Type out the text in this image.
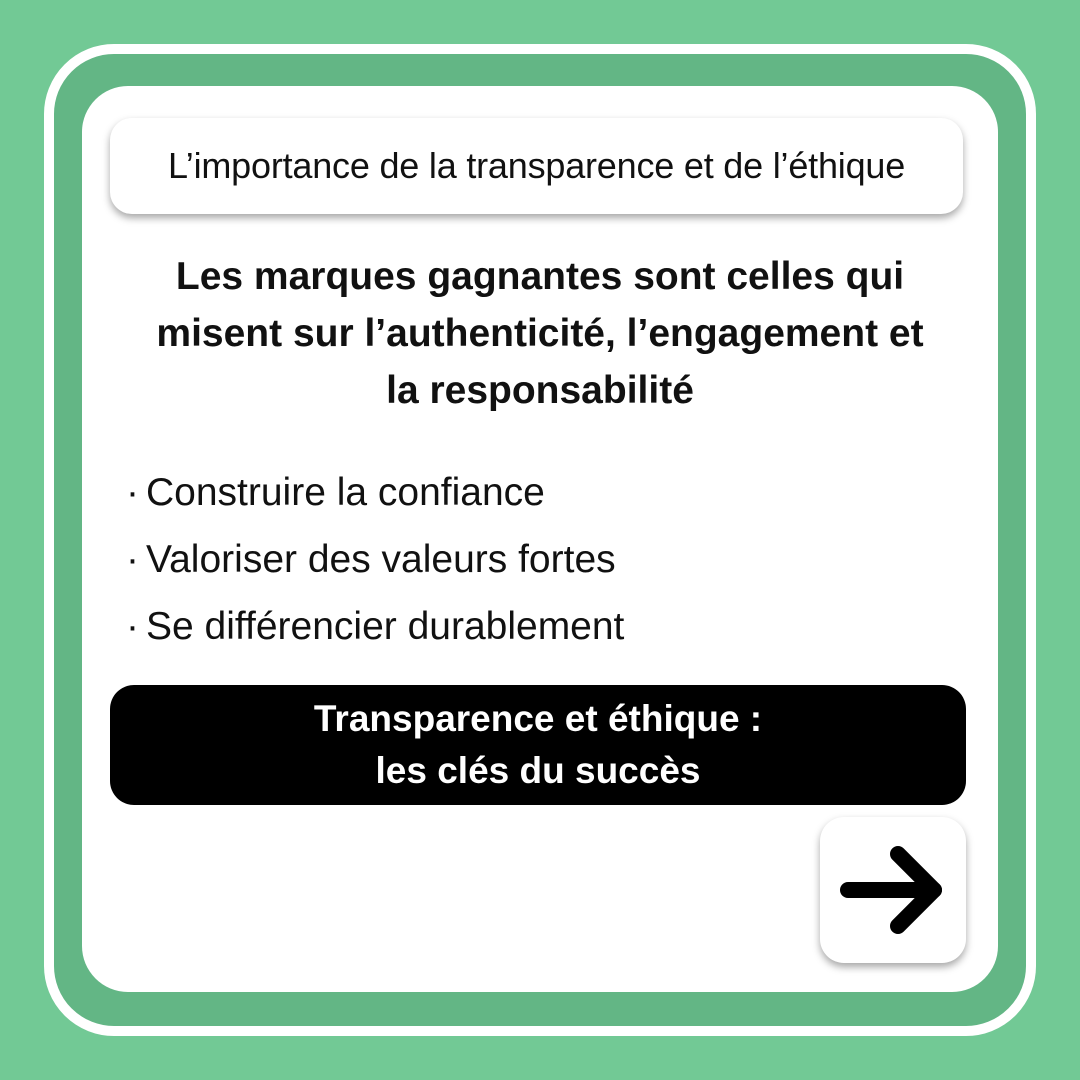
L’importance de la transparence et de l’éthique
Les marques gagnantes sont celles qui
misent sur l’authenticité, l’engagement et
la responsabilité
· Construire la confiance
· Valoriser des valeurs fortes
· Se différencier durablement
Transparence et éthique :
les clés du succès
